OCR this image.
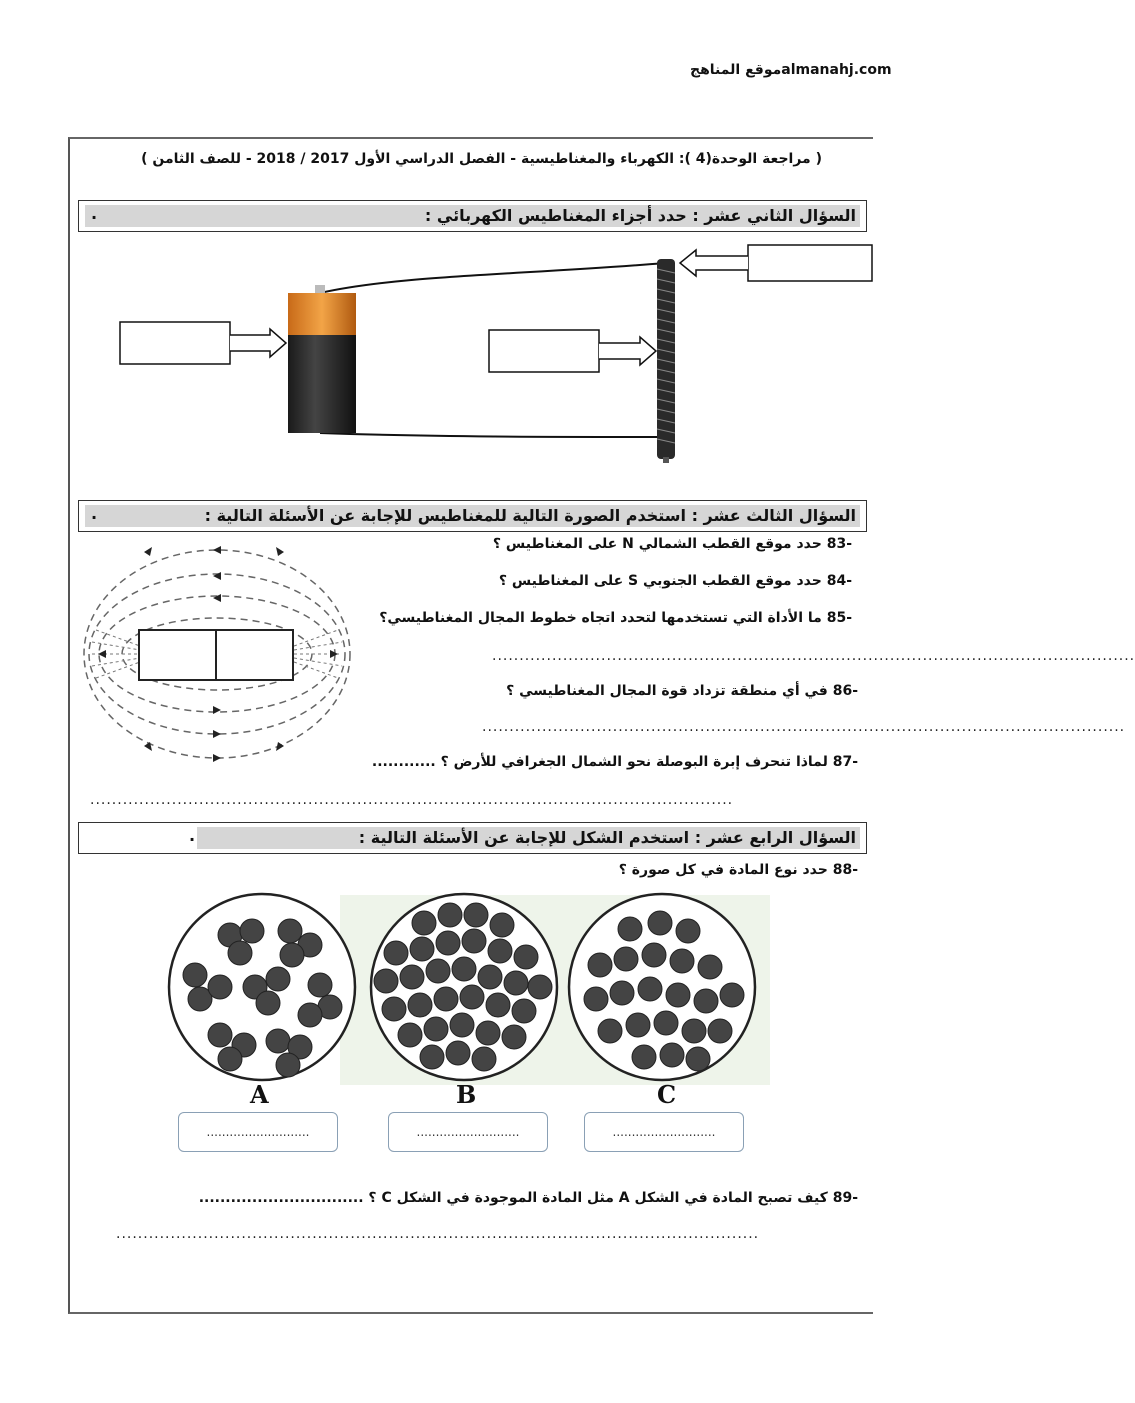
almanahj.comموقع المناهج
( مراجعة الوحدة(4 ): الكهرباء والمغناطيسية - الفصل الدراسي الأول 2017 / 2018 - للصف الثامن )
السؤال الثاني عشر : حدد أجزاء المغناطيس الكهربائي :
.
السؤال الثالث عشر : استخدم الصورة التالية للمغناطيس للإجابة عن الأسئلة التالية :
.
-83 حدد موقع القطب الشمالي N على المغناطيس ؟
-84 حدد موقع القطب الجنوبي S على المغناطيس ؟
-85 ما الأداة التي تستخدمها لتحدد اتجاه خطوط المجال المغناطيسي؟
......................................................................................................................
-86 في أي منطقة تزداد قوة المجال المغناطيسي ؟
......................................................................................................................
-87 لماذا تنحرف إبرة البوصلة نحو الشمال الجغرافي للأرض ؟ ............
......................................................................................................................
السؤال الرابع عشر : استخدم الشكل للإجابة عن الأسئلة التالية :
.
-88 حدد نوع المادة في كل صورة ؟
A	B	C
...........................	...........................	...........................
-89 كيف تصبح المادة في الشكل A مثل المادة الموجودة في الشكل C ؟ ...............................
......................................................................................................................
